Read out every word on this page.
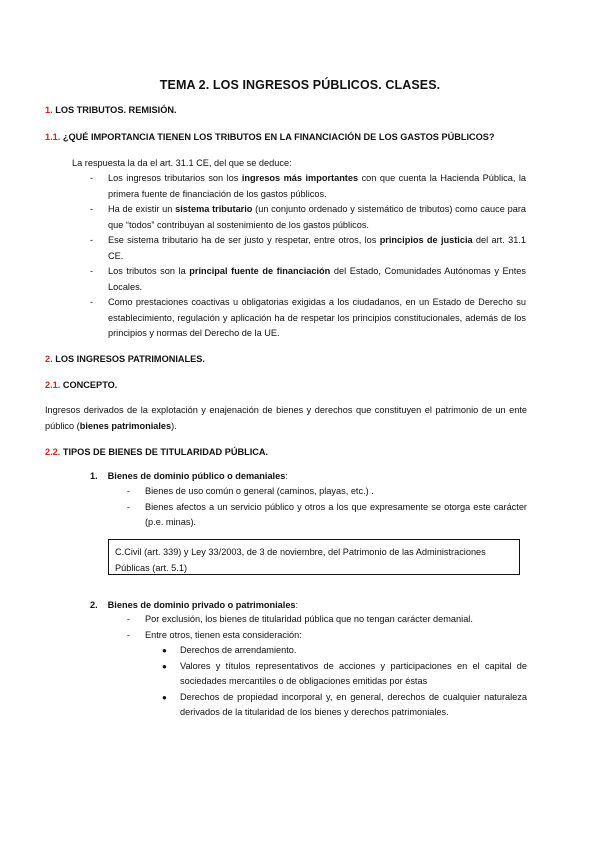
TEMA 2. LOS INGRESOS PÚBLICOS. CLASES.
1. LOS TRIBUTOS. REMISIÓN.
1.1. ¿QUÉ IMPORTANCIA TIENEN LOS TRIBUTOS EN LA FINANCIACIÓN DE LOS GASTOS PÚBLICOS?
La respuesta la da el art. 31.1 CE, del que se deduce:
- Los ingresos tributarios son los ingresos más importantes con que cuenta la Hacienda Pública, la primera fuente de financiación de los gastos públicos.
- Ha de existir un sistema tributario (un conjunto ordenado y sistemático de tributos) como cauce para que “todos” contribuyan al sostenimiento de los gastos públicos.
- Ese sistema tributario ha de ser justo y respetar, entre otros, los principios de justicia del art. 31.1 CE.
- Los tributos son la principal fuente de financiación del Estado, Comunidades Autónomas y Entes Locales.
- Como prestaciones coactivas u obligatorias exigidas a los ciudadanos, en un Estado de Derecho su establecimiento, regulación y aplicación ha de respetar los principios constitucionales, además de los principios y normas del Derecho de la UE.
2. LOS INGRESOS PATRIMONIALES.
2.1. CONCEPTO.
Ingresos derivados de la explotación y enajenación de bienes y derechos que constituyen el patrimonio de un ente público (bienes patrimoniales).
2.2. TIPOS DE BIENES DE TITULARIDAD PÚBLICA.
1. Bienes de dominio público o demaniales:
- Bienes de uso común o general (caminos, playas, etc.) .
- Bienes afectos a un servicio público y otros a los que expresamente se otorga este carácter (p.e. minas).
C.Civil (art. 339) y Ley 33/2003, de 3 de noviembre, del Patrimonio de las Administraciones Públicas (art. 5.1)
2. Bienes de dominio privado o patrimoniales:
- Por exclusión, los bienes de titularidad pública que no tengan carácter demanial.
- Entre otros, tienen esta consideración:
● Derechos de arrendamiento.
● Valores y títulos representativos de acciones y participaciones en el capital de sociedades mercantiles o de obligaciones emitidas por éstas
● Derechos de propiedad incorporal y, en general, derechos de cualquier naturaleza derivados de la titularidad de los bienes y derechos patrimoniales.
